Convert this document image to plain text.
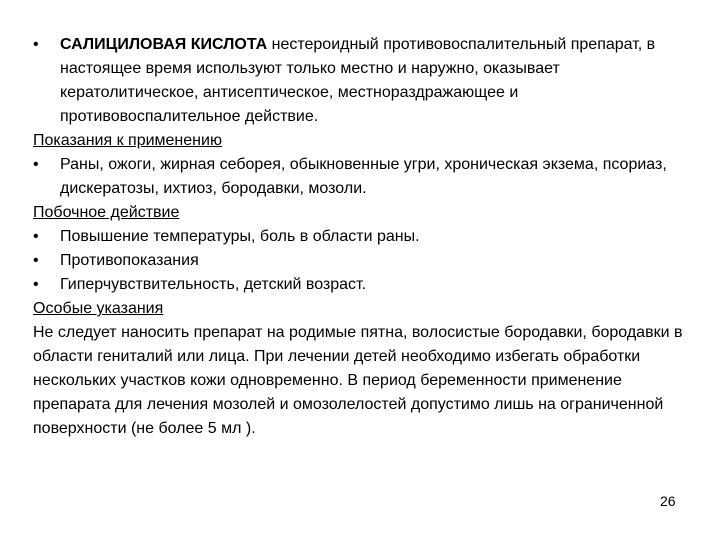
•	САЛИЦИЛОВАЯ КИСЛОТА нестероидный противовоспалительный препарат, в настоящее время используют только местно и наружно, оказывает кератолитическое, антисептическое, местнораздражающее и противовоспалительное действие.
Показания к применению
•	Раны, ожоги, жирная себорея, обыкновенные угри, хроническая экзема, псориаз, дискератозы, ихтиоз, бородавки, мозоли.
Побочное действие
•	Повышение температуры, боль в области раны.
•	Противопоказания
•	Гиперчувствительность, детский возраст.
Особые указания
Не следует наносить препарат на родимые пятна, волосистые бородавки, бородавки в области гениталий или лица. При лечении детей необходимо избегать обработки нескольких участков кожи одновременно. В период беременности применение препарата для лечения мозолей и омозолелостей допустимо лишь на ограниченной поверхности (не более 5 мл ).
26
